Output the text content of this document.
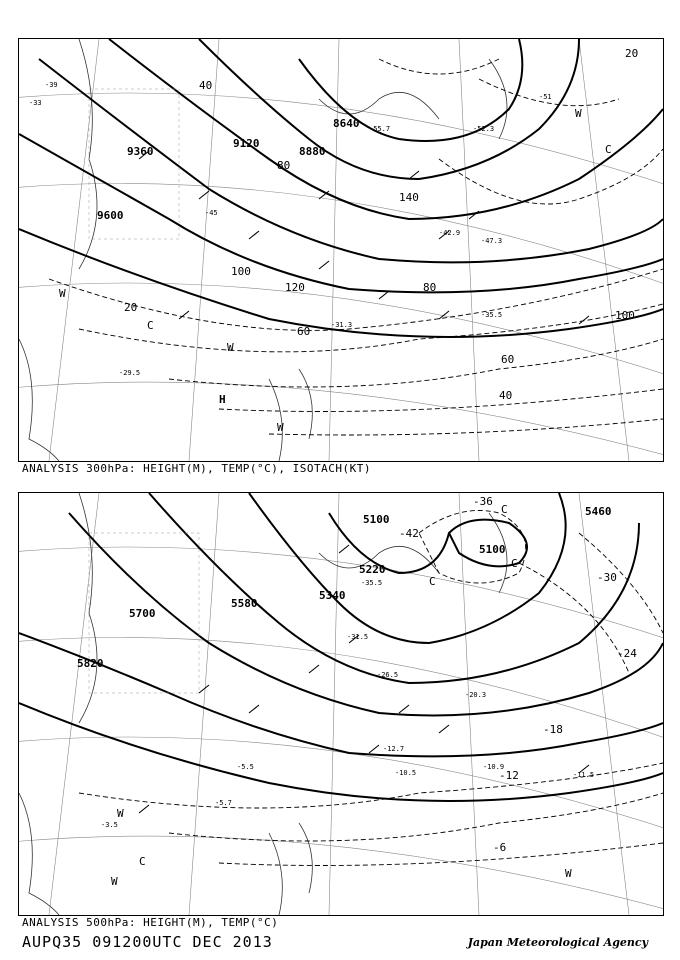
9600
9360
9120
8880
8640
20
40
60
80
100
120
140
100
80
60
40
20
-39
-33
-45
-51
-52.3
-55.7
-47.3
-42.9
-35.5
-31.3
-29.5
W
C
W
H
C
W
W
ANALYSIS 300hPa: HEIGHT(M), TEMP(°C), ISOTACH(KT)
5820
5700
5580
5340
5220
5100
5100
5460
-36
-42
-30
-24
-18
-12
-6
-35.5
-31.5
-26.5
-20.3
-12.7
-10.5
-10.9
-11.5
-5.5
-5.7
-3.5
C
C
C
W
W
C
W
ANALYSIS 500hPa: HEIGHT(M), TEMP(°C)
AUPQ35 091200UTC DEC 2013	Japan Meteorological Agency
